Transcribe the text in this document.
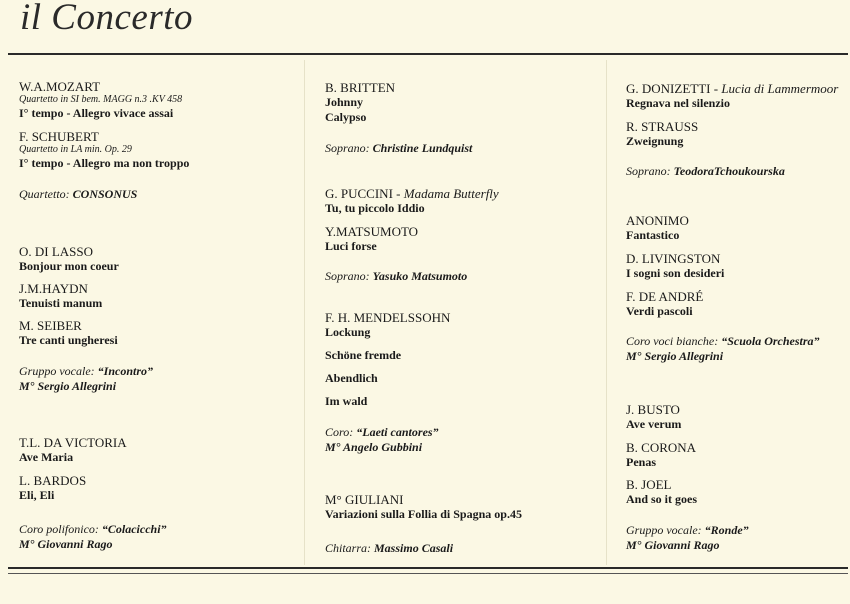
il Concerto
W.A.MOZART
Quartetto in SI bem. MAGG n.3 .KV 458
I° tempo - Allegro vivace assai
F. SCHUBERT
Quartetto in LA min. Op. 29
I° tempo - Allegro ma non troppo
Quartetto: CONSONUS
O. DI LASSO
Bonjour mon coeur
J.M.HAYDN
Tenuisti manum
M. SEIBER
Tre canti ungheresi
Gruppo vocale: “Incontro”
M° Sergio Allegrini
T.L. DA VICTORIA
Ave Maria
L. BARDOS
Eli, Eli
Coro polifonico: “Colacicchi”
M° Giovanni Rago
B. BRITTEN
Johnny
Calypso
Soprano: Christine Lundquist
G. PUCCINI - Madama Butterfly
Tu, tu piccolo Iddio
Y.MATSUMOTO
Luci forse
Soprano: Yasuko Matsumoto
F. H. MENDELSSOHN
Lockung
Schöne fremde
Abendlich
Im wald
Coro: “Laeti cantores”
M° Angelo Gubbini
M° GIULIANI
Variazioni sulla Follia di Spagna op.45
Chitarra: Massimo Casali
G. DONIZETTI - Lucia di Lammermoor
Regnava nel silenzio
R. STRAUSS
Zweignung
Soprano: TeodoraTchoukourska
ANONIMO
Fantastico
D. LIVINGSTON
I sogni son desideri
F. DE ANDRÉ
Verdi pascoli
Coro voci bianche: “Scuola Orchestra”
M° Sergio Allegrini
J. BUSTO
Ave verum
B. CORONA
Penas
B. JOEL
And so it goes
Gruppo vocale: “Ronde”
M° Giovanni Rago
